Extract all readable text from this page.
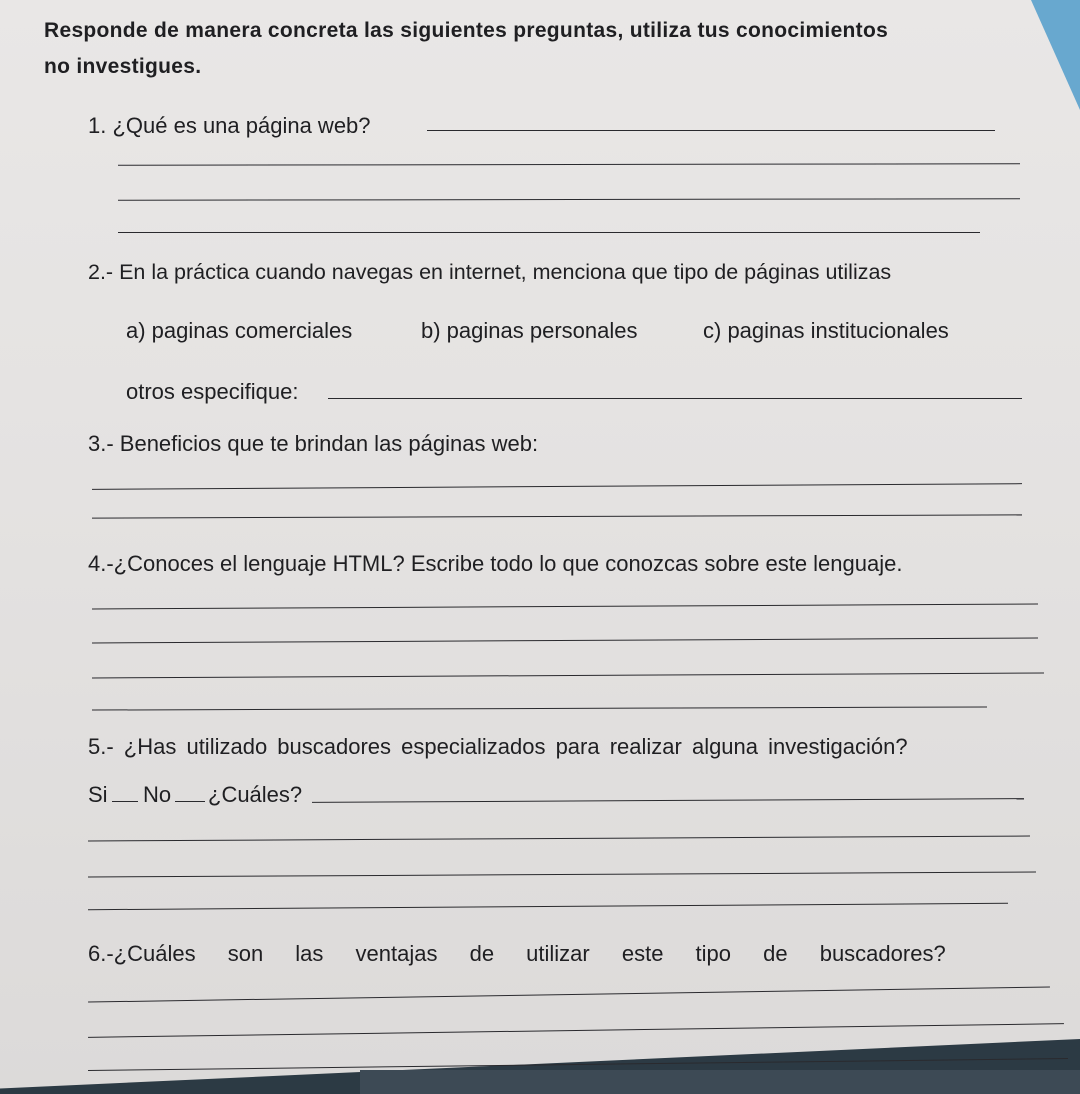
Responde de manera concreta las siguientes preguntas, utiliza tus conocimientos
no investigues.
1. ¿Qué es una página web?
2.- En la práctica cuando navegas en internet, menciona que tipo de páginas utilizas
a) paginas comerciales	b) paginas personales	c) paginas institucionales
otros especifique:
3.- Beneficios que te brindan las páginas web:
4.-¿Conoces el lenguaje HTML? Escribe todo lo que conozcas sobre este lenguaje.
5.- ¿Has utilizado buscadores especializados para realizar alguna investigación?
Si No ¿Cuáles?
6.-¿Cuáles son las ventajas de utilizar este tipo de buscadores?
